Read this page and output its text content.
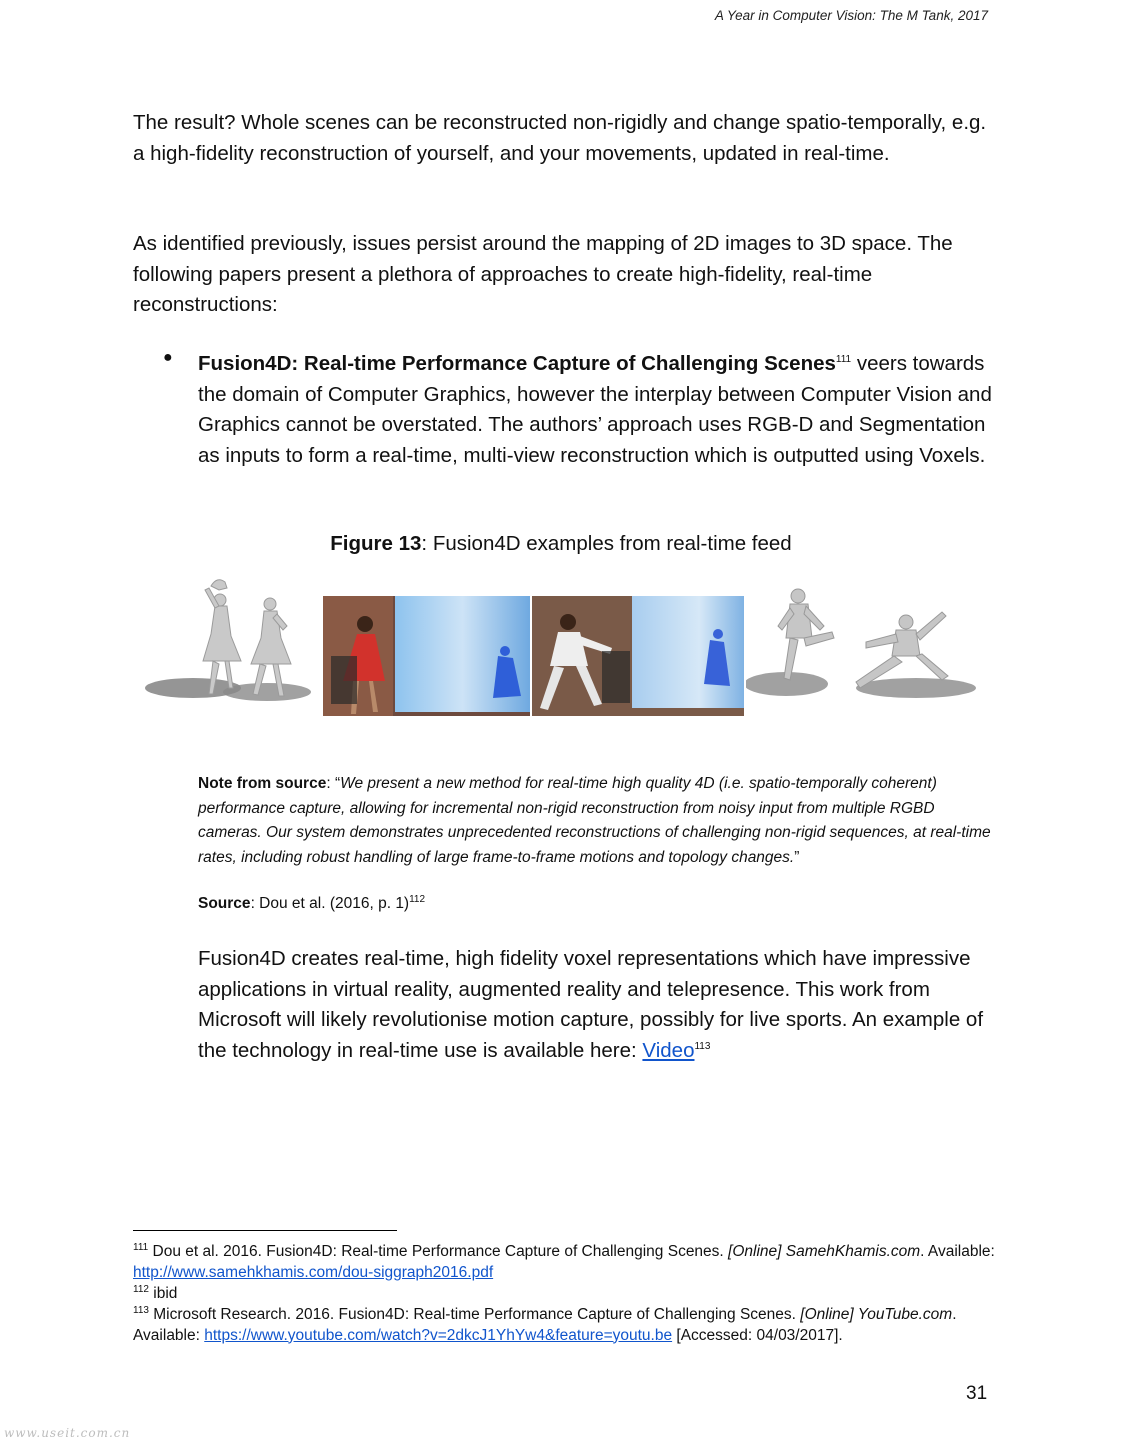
A Year in Computer Vision: The M Tank, 2017

The result? Whole scenes can be reconstructed non-rigidly and change spatio-temporally, e.g. a high-fidelity reconstruction of yourself, and your movements, updated in real-time.

As identified previously, issues persist around the mapping of 2D images to 3D space. The following papers present a plethora of approaches to create high-fidelity, real-time reconstructions:

● Fusion4D: Real-time Performance Capture of Challenging Scenes$^{111}$ veers towards the domain of Computer Graphics, however the interplay between Computer Vision and Graphics cannot be overstated. The authors’ approach uses RGB-D and Segmentation as inputs to form a real-time, multi-view reconstruction which is outputted using Voxels.

Figure 13: Fusion4D examples from real-time feed

Note from source: “We present a new method for real-time high quality 4D (i.e. spatio-temporally coherent) performance capture, allowing for incremental non-rigid reconstruction from noisy input from multiple RGBD cameras. Our system demonstrates unprecedented reconstructions of challenging non-rigid sequences, at real-time rates, including robust handling of large frame-to-frame motions and topology changes.”

Source: Dou et al. (2016, p. 1)$^{112}$

Fusion4D creates real-time, high fidelity voxel representations which have impressive applications in virtual reality, augmented reality and telepresence. This work from Microsoft will likely revolutionise motion capture, possibly for live sports. An example of the technology in real-time use is available here: Video$^{113}$

$^{111}$ Dou et al. 2016. Fusion4D: Real-time Performance Capture of Challenging Scenes. [Online] SamehKhamis.com. Available: http://www.samehkhamis.com/dou-siggraph2016.pdf

$^{112}$ ibid

$^{113}$ Microsoft Research. 2016. Fusion4D: Real-time Performance Capture of Challenging Scenes. [Online] YouTube.com. Available: https://www.youtube.com/watch?v=2dkcJ1YhYw4&feature=youtu.be [Accessed: 04/03/2017].

31
www.useit.com.cn
